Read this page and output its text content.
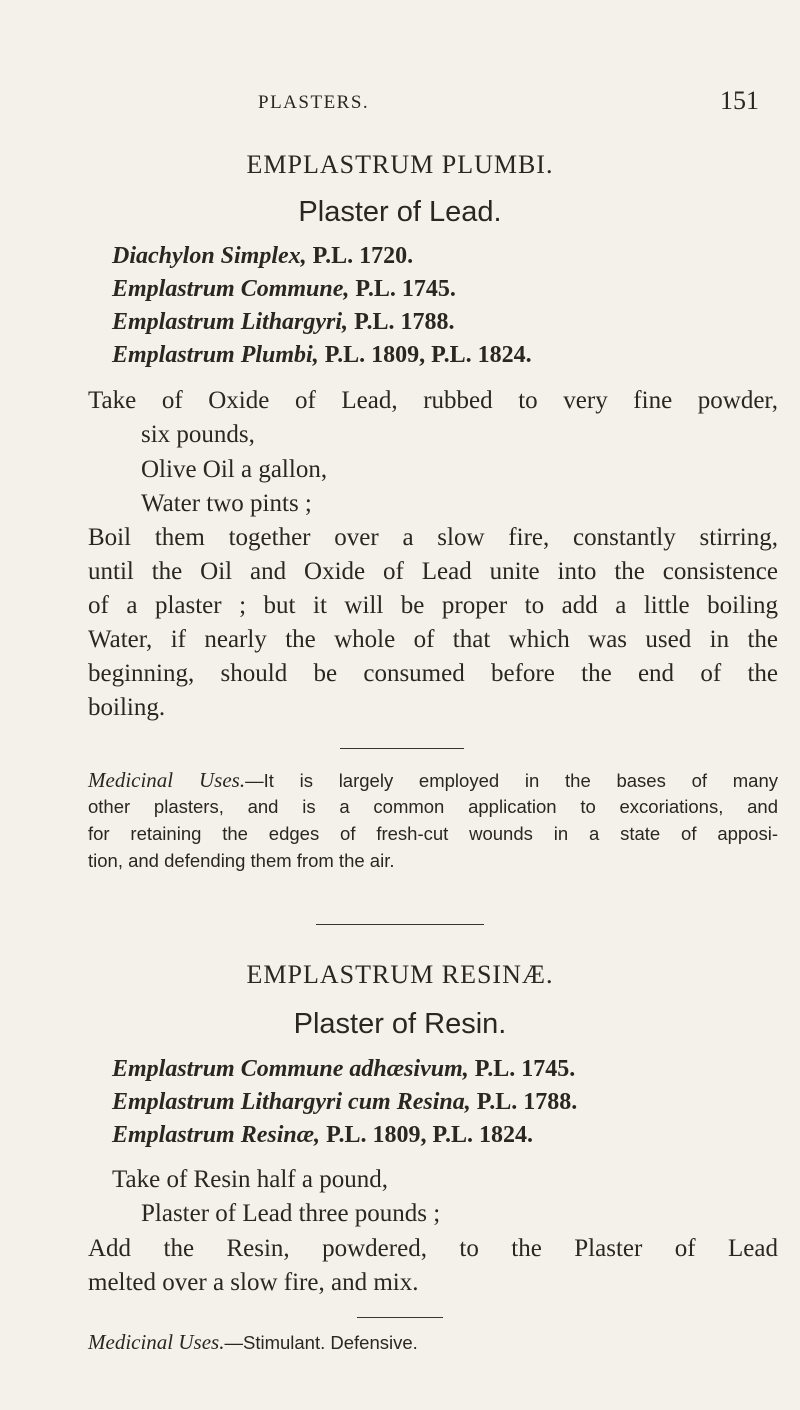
PLASTERS.	151
EMPLASTRUM PLUMBI.
Plaster of Lead.
Diachylon Simplex, P.L. 1720.
Emplastrum Commune, P.L. 1745.
Emplastrum Lithargyri, P.L. 1788.
Emplastrum Plumbi, P.L. 1809, P.L. 1824.
Take of Oxide of Lead, rubbed to very fine powder,
six pounds,
Olive Oil a gallon,
Water two pints ;
Boil them together over a slow fire, constantly stirring,
until the Oil and Oxide of Lead unite into the consistence
of a plaster ; but it will be proper to add a little boiling
Water, if nearly the whole of that which was used in the
beginning, should be consumed before the end of the
boiling.
Medicinal Uses.—It is largely employed in the bases of many
other plasters, and is a common application to excoriations, and
for retaining the edges of fresh-cut wounds in a state of apposi-
tion, and defending them from the air.
EMPLASTRUM RESINÆ.
Plaster of Resin.
Emplastrum Commune adhæsivum, P.L. 1745.
Emplastrum Lithargyri cum Resina, P.L. 1788.
Emplastrum Resinæ, P.L. 1809, P.L. 1824.
Take of Resin half a pound,
Plaster of Lead three pounds ;
Add the Resin, powdered, to the Plaster of Lead
melted over a slow fire, and mix.
Medicinal Uses.—Stimulant. Defensive.
